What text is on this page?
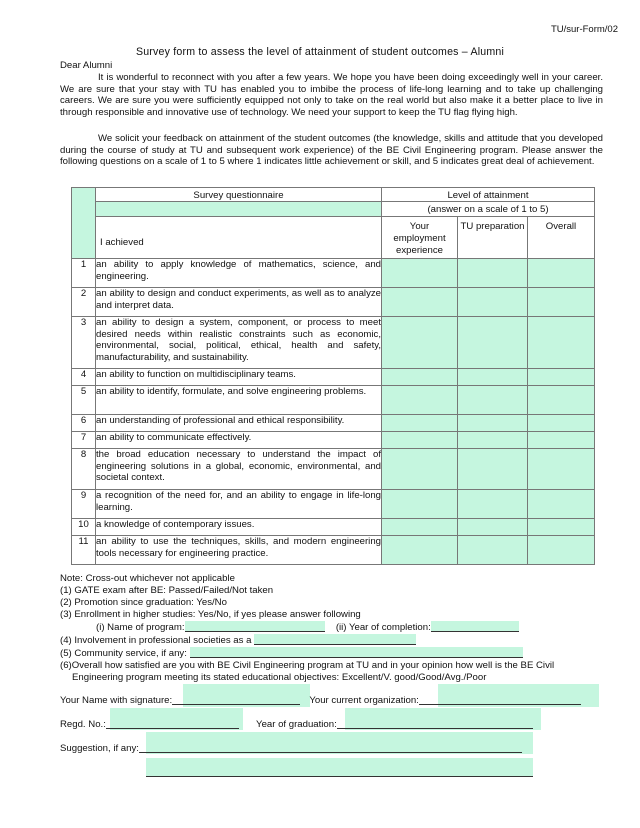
TU/sur-Form/02
Survey form to assess the level of attainment of student outcomes – Alumni
Dear Alumni
It is wonderful to reconnect with you after a few years. We hope you have been doing exceedingly well in your career. We are sure that your stay with TU has enabled you to imbibe the process of life-long learning and to take up challenging careers. We are sure you were sufficiently equipped not only to take on the real world but also make it a better place to live in through responsible and innovative use of technology. We need your support to keep the TU flag flying high.
We solicit your feedback on attainment of the student outcomes (the knowledge, skills and attitude that you developed during the course of study at TU and subsequent work experience) of the BE Civil Engineering program. Please answer the following questions on a scale of 1 to 5 where 1 indicates little achievement or skill, and 5 indicates great deal of achievement.
	Survey questionnaire	Level of attainment		
		(answer on a scale of 1 to 5)		
	I achieved	Your employment experience	TU preparation	Overall
1	an ability to apply knowledge of mathematics, science, and engineering.			
2	an ability to design and conduct experiments, as well as to analyze and interpret data.			
3	an ability to design a system, component, or process to meet desired needs within realistic constraints such as economic, environmental, social, political, ethical, health and safety, manufacturability, and sustainability.			
4	an ability to function on multidisciplinary teams.			
5	an ability to identify, formulate, and solve engineering problems.			
6	an understanding of professional and ethical responsibility.			
7	an ability to communicate effectively.			
8	the broad education necessary to understand the impact of engineering solutions in a global, economic, environmental, and societal context.			
9	a recognition of the need for, and an ability to engage in life-long learning.			
10	a knowledge of contemporary issues.			
11	an ability to use the techniques, skills, and modern engineering tools necessary for engineering practice.			
Note: Cross-out whichever not applicable
(1) GATE exam after BE: Passed/Failed/Not taken
(2) Promotion since graduation: Yes/No
(3) Enrollment in higher studies: Yes/No, if yes please answer following
(i) Name of program:	(ii) Year of completion:
(4) Involvement in professional societies as a
(5) Community service, if any:
(6)Overall how satisfied are you with BE Civil Engineering program at TU and in your opinion how well is the BE Civil
Engineering program meeting its stated educational objectives: Excellent/V. good/Good/Avg./Poor
Your Name with signature:	Your current organization:
Regd. No.:	Year of graduation:
Suggestion, if any:
